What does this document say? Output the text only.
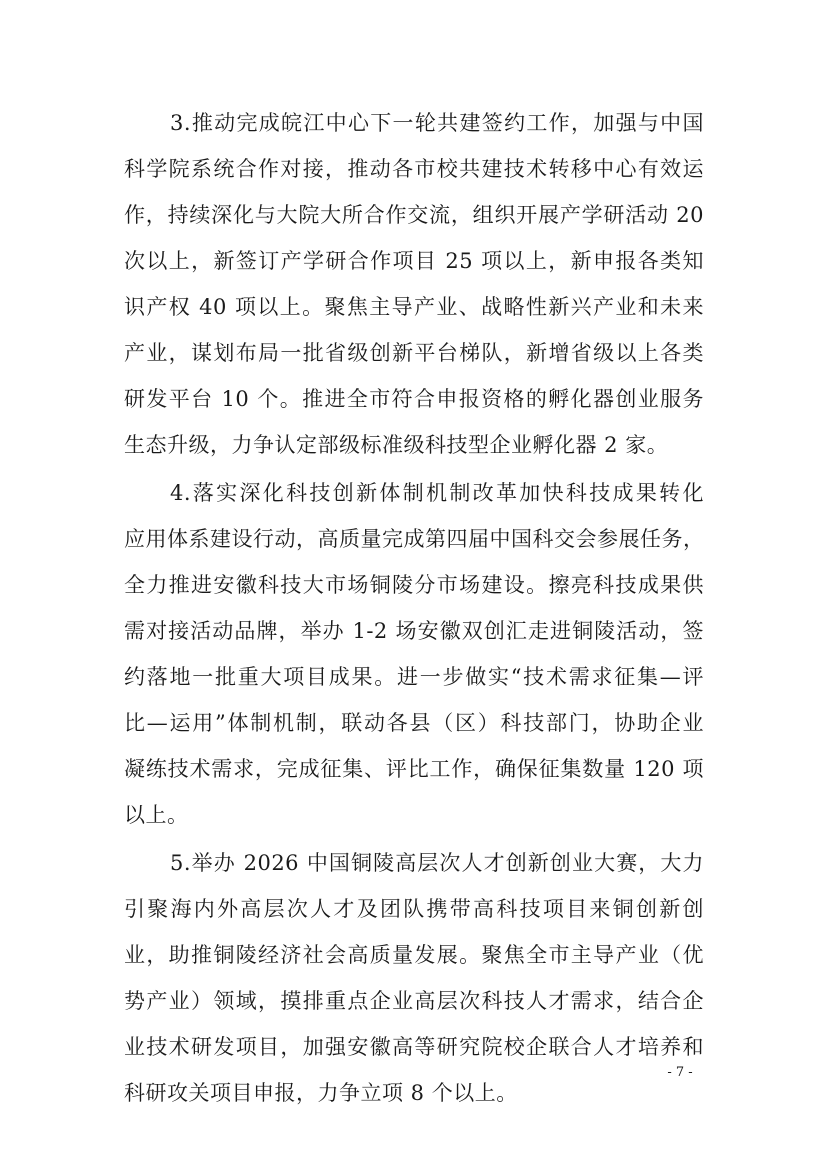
3.推动完成皖江中心下一轮共建签约工作，加强与中国

科学院系统合作对接，推动各市校共建技术转移中心有效运

作，持续深化与大院大所合作交流，组织开展产学研活动 20

次以上，新签订产学研合作项目 25 项以上，新申报各类知

识产权 40 项以上。聚焦主导产业、战略性新兴产业和未来

产业，谋划布局一批省级创新平台梯队，新增省级以上各类

研发平台 10 个。推进全市符合申报资格的孵化器创业服务

生态升级，力争认定部级标准级科技型企业孵化器 2 家。

4.落实深化科技创新体制机制改革加快科技成果转化

应用体系建设行动，高质量完成第四届中国科交会参展任务，

全力推进安徽科技大市场铜陵分市场建设。擦亮科技成果供

需对接活动品牌，举办 1-2 场安徽双创汇走进铜陵活动，签

约落地一批重大项目成果。进一步做实“技术需求征集—评

比—运用”体制机制，联动各县（区）科技部门，协助企业

凝练技术需求，完成征集、评比工作，确保征集数量 120 项

以上。

5.举办 2026 中国铜陵高层次人才创新创业大赛，大力

引聚海内外高层次人才及团队携带高科技项目来铜创新创

业，助推铜陵经济社会高质量发展。聚焦全市主导产业（优

势产业）领域，摸排重点企业高层次科技人才需求，结合企

业技术研发项目，加强安徽高等研究院校企联合人才培养和

科研攻关项目申报，力争立项 8 个以上。

- 7 -
